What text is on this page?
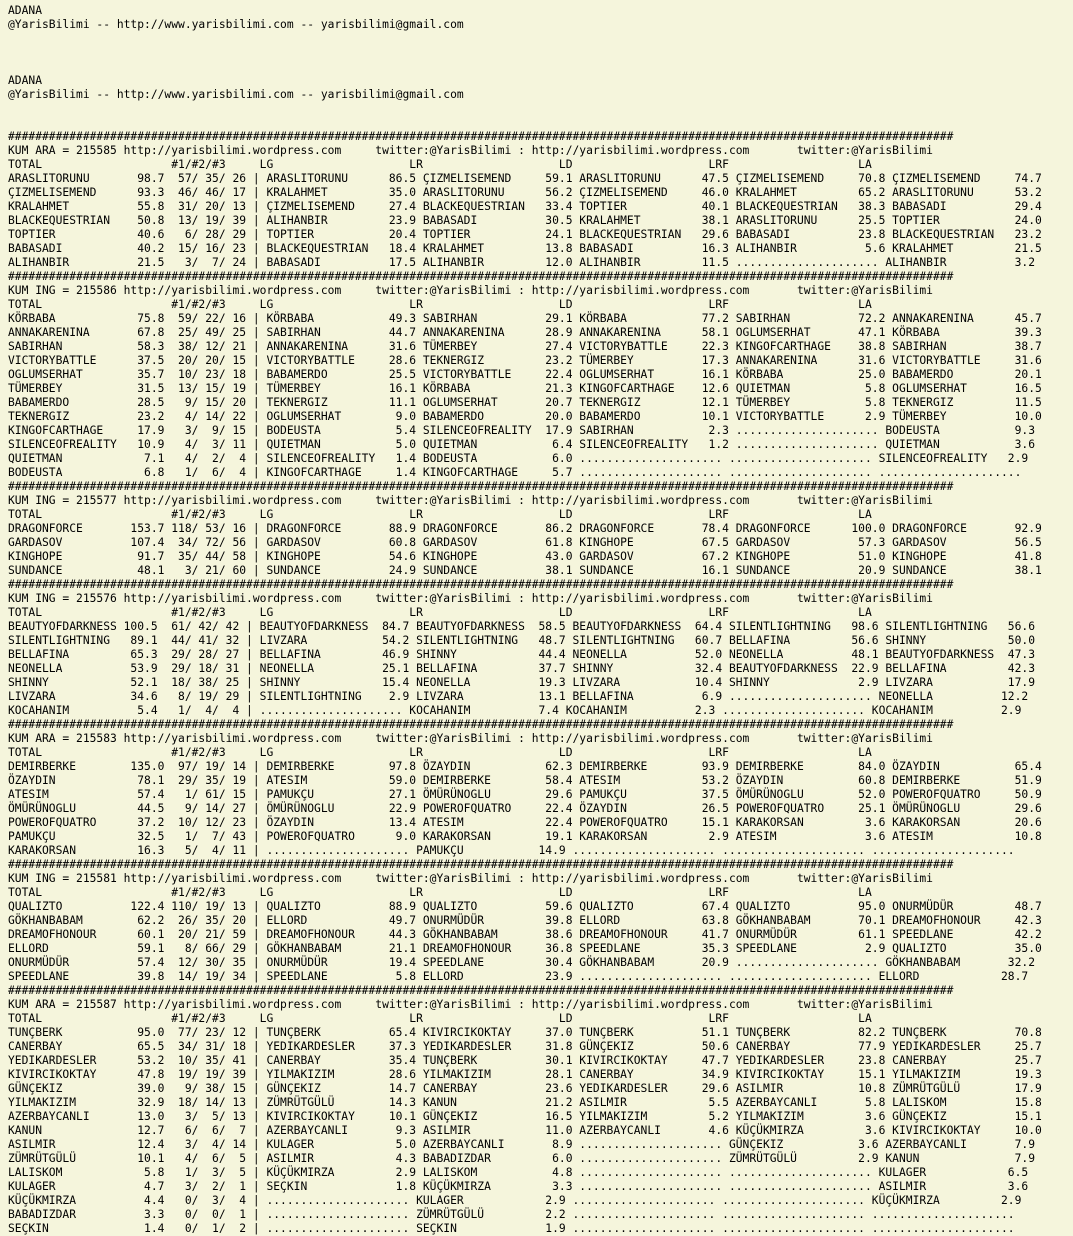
ADANA
@YarisBilimi -- http://www.yarisbilimi.com -- yarisbilimi@gmail.com
ADANA
@YarisBilimi -- http://www.yarisbilimi.com -- yarisbilimi@gmail.com
###########################################################################################################################################
KUM ARA = 215585 http://yarisbilimi.wordpress.com     twitter:@YarisBilimi : http://yarisbilimi.wordpress.com       twitter:@YarisBilimi
TOTAL                   #1/#2/#3     LG                    LR                    LD                    LRF                   LA
ARASLITORUNU       98.7  57/ 35/ 26 | ARASLITORUNU      86.5 ÇIZMELISEMEND     59.1 ARASLITORUNU      47.5 ÇIZMELISEMEND     70.8 ÇIZMELISEMEND     74.7
ÇIZMELISEMEND      93.3  46/ 46/ 17 | KRALAHMET         35.0 ARASLITORUNU      56.2 ÇIZMELISEMEND     46.0 KRALAHMET         65.2 ARASLITORUNU      53.2
KRALAHMET          55.8  31/ 20/ 13 | ÇIZMELISEMEND     27.4 BLACKEQUESTRIAN   33.4 TOPTIER           40.1 BLACKEQUESTRIAN   38.3 BABASADI          29.4
BLACKEQUESTRIAN    50.8  13/ 19/ 39 | ALIHANBIR         23.9 BABASADI          30.5 KRALAHMET         38.1 ARASLITORUNU      25.5 TOPTIER           24.0
TOPTIER            40.6   6/ 28/ 29 | TOPTIER           20.4 TOPTIER           24.1 BLACKEQUESTRIAN   29.6 BABASADI          23.8 BLACKEQUESTRIAN   23.2
BABASADI           40.2  15/ 16/ 23 | BLACKEQUESTRIAN   18.4 KRALAHMET         13.8 BABASADI          16.3 ALIHANBIR          5.6 KRALAHMET         21.5
ALIHANBIR          21.5   3/  7/ 24 | BABASADI          17.5 ALIHANBIR         12.0 ALIHANBIR         11.5 ..................... ALIHANBIR          3.2
###########################################################################################################################################
KUM ING = 215586 http://yarisbilimi.wordpress.com     twitter:@YarisBilimi : http://yarisbilimi.wordpress.com       twitter:@YarisBilimi
TOTAL                   #1/#2/#3     LG                    LR                    LD                    LRF                   LA
KÖRBABA            75.8  59/ 22/ 16 | KÖRBABA           49.3 SABIRHAN          29.1 KÖRBABA           77.2 SABIRHAN          72.2 ANNAKARENINA      45.7
ANNAKARENINA       67.8  25/ 49/ 25 | SABIRHAN          44.7 ANNAKARENINA      28.9 ANNAKARENINA      58.1 OGLUMSERHAT       47.1 KÖRBABA           39.3
SABIRHAN           58.3  38/ 12/ 21 | ANNAKARENINA      31.6 TÜMERBEY          27.4 VICTORYBATTLE     22.3 KINGOFCARTHAGE    38.8 SABIRHAN          38.7
VICTORYBATTLE      37.5  20/ 20/ 15 | VICTORYBATTLE     28.6 TEKNERGIZ         23.2 TÜMERBEY          17.3 ANNAKARENINA      31.6 VICTORYBATTLE     31.6
OGLUMSERHAT        35.7  10/ 23/ 18 | BABAMERDO         25.5 VICTORYBATTLE     22.4 OGLUMSERHAT       16.1 KÖRBABA           25.0 BABAMERDO         20.1
TÜMERBEY           31.5  13/ 15/ 19 | TÜMERBEY          16.1 KÖRBABA           21.3 KINGOFCARTHAGE    12.6 QUIETMAN           5.8 OGLUMSERHAT       16.5
BABAMERDO          28.5   9/ 15/ 20 | TEKNERGIZ         11.1 OGLUMSERHAT       20.7 TEKNERGIZ         12.1 TÜMERBEY           5.8 TEKNERGIZ         11.5
TEKNERGIZ          23.2   4/ 14/ 22 | OGLUMSERHAT        9.0 BABAMERDO         20.0 BABAMERDO         10.1 VICTORYBATTLE      2.9 TÜMERBEY          10.0
KINGOFCARTHAGE     17.9   3/  9/ 15 | BODEUSTA           5.4 SILENCEOFREALITY  17.9 SABIRHAN           2.3 ..................... BODEUSTA           9.3
SILENCEOFREALITY   10.9   4/  3/ 11 | QUIETMAN           5.0 QUIETMAN           6.4 SILENCEOFREALITY   1.2 ..................... QUIETMAN           3.6
QUIETMAN            7.1   4/  2/  4 | SILENCEOFREALITY   1.4 BODEUSTA           6.0 ..................... ..................... SILENCEOFREALITY   2.9
BODEUSTA            6.8   1/  6/  4 | KINGOFCARTHAGE     1.4 KINGOFCARTHAGE     5.7 ..................... ..................... .....................
###########################################################################################################################################
KUM ING = 215577 http://yarisbilimi.wordpress.com     twitter:@YarisBilimi : http://yarisbilimi.wordpress.com       twitter:@YarisBilimi
TOTAL                   #1/#2/#3     LG                    LR                    LD                    LRF                   LA
DRAGONFORCE       153.7 118/ 53/ 16 | DRAGONFORCE       88.9 DRAGONFORCE       86.2 DRAGONFORCE       78.4 DRAGONFORCE      100.0 DRAGONFORCE       92.9
GARDASOV          107.4  34/ 72/ 56 | GARDASOV          60.8 GARDASOV          61.8 KINGHOPE          67.5 GARDASOV          57.3 GARDASOV          56.5
KINGHOPE           91.7  35/ 44/ 58 | KINGHOPE          54.6 KINGHOPE          43.0 GARDASOV          67.2 KINGHOPE          51.0 KINGHOPE          41.8
SUNDANCE           48.1   3/ 21/ 60 | SUNDANCE          24.9 SUNDANCE          38.1 SUNDANCE          16.1 SUNDANCE          20.9 SUNDANCE          38.1
###########################################################################################################################################
KUM ING = 215576 http://yarisbilimi.wordpress.com     twitter:@YarisBilimi : http://yarisbilimi.wordpress.com       twitter:@YarisBilimi
TOTAL                   #1/#2/#3     LG                    LR                    LD                    LRF                   LA
BEAUTYOFDARKNESS 100.5  61/ 42/ 42 | BEAUTYOFDARKNESS  84.7 BEAUTYOFDARKNESS  58.5 BEAUTYOFDARKNESS  64.4 SILENTLIGHTNING   98.6 SILENTLIGHTNING   56.6
SILENTLIGHTNING   89.1  44/ 41/ 32 | LIVZARA           54.2 SILENTLIGHTNING   48.7 SILENTLIGHTNING   60.7 BELLAFINA         56.6 SHINNY            50.0
BELLAFINA         65.3  29/ 28/ 27 | BELLAFINA         46.9 SHINNY            44.4 NEONELLA          52.0 NEONELLA          48.1 BEAUTYOFDARKNESS  47.3
NEONELLA          53.9  29/ 18/ 31 | NEONELLA          25.1 BELLAFINA         37.7 SHINNY            32.4 BEAUTYOFDARKNESS  22.9 BELLAFINA         42.3
SHINNY            52.1  18/ 38/ 25 | SHINNY            15.4 NEONELLA          19.3 LIVZARA           10.4 SHINNY             2.9 LIVZARA           17.9
LIVZARA           34.6   8/ 19/ 29 | SILENTLIGHTNING    2.9 LIVZARA           13.1 BELLAFINA          6.9 ..................... NEONELLA          12.2
KOCAHANIM          5.4   1/  4/  4 | ..................... KOCAHANIM          7.4 KOCAHANIM          2.3 ..................... KOCAHANIM          2.9
###########################################################################################################################################
KUM ARA = 215583 http://yarisbilimi.wordpress.com     twitter:@YarisBilimi : http://yarisbilimi.wordpress.com       twitter:@YarisBilimi
TOTAL                   #1/#2/#3     LG                    LR                    LD                    LRF                   LA
DEMIRBERKE        135.0  97/ 19/ 14 | DEMIRBERKE        97.8 ÖZAYDIN           62.3 DEMIRBERKE        93.9 DEMIRBERKE        84.0 ÖZAYDIN           65.4
ÖZAYDIN            78.1  29/ 35/ 19 | ATESIM            59.0 DEMIRBERKE        58.4 ATESIM            53.2 ÖZAYDIN           60.8 DEMIRBERKE        51.9
ATESIM             57.4   1/ 61/ 15 | PAMUKÇU           27.1 ÖMÜRÜNOGLU        29.6 PAMUKÇU           37.5 ÖMÜRÜNOGLU        52.0 POWEROFQUATRO     50.9
ÖMÜRÜNOGLU         44.5   9/ 14/ 27 | ÖMÜRÜNOGLU        22.9 POWEROFQUATRO     22.4 ÖZAYDIN           26.5 POWEROFQUATRO     25.1 ÖMÜRÜNOGLU        29.6
POWEROFQUATRO      37.2  10/ 12/ 23 | ÖZAYDIN           13.4 ATESIM            22.4 POWEROFQUATRO     15.1 KARAKORSAN         3.6 KARAKORSAN        20.6
PAMUKÇU            32.5   1/  7/ 43 | POWEROFQUATRO      9.0 KARAKORSAN        19.1 KARAKORSAN         2.9 ATESIM             3.6 ATESIM            10.8
KARAKORSAN         16.3   5/  4/ 11 | ..................... PAMUKÇU           14.9 ..................... ..................... .....................
###########################################################################################################################################
KUM ING = 215581 http://yarisbilimi.wordpress.com     twitter:@YarisBilimi : http://yarisbilimi.wordpress.com       twitter:@YarisBilimi
TOTAL                   #1/#2/#3     LG                    LR                    LD                    LRF                   LA
QUALIZTO          122.4 110/ 19/ 13 | QUALIZTO          88.9 QUALIZTO          59.6 QUALIZTO          67.4 QUALIZTO          95.0 ONURMÜDÜR         48.7
GÖKHANBABAM        62.2  26/ 35/ 20 | ELLORD            49.7 ONURMÜDÜR         39.8 ELLORD            63.8 GÖKHANBABAM       70.1 DREAMOFHONOUR     42.3
DREAMOFHONOUR      60.1  20/ 21/ 59 | DREAMOFHONOUR     44.3 GÖKHANBABAM       38.6 DREAMOFHONOUR     41.7 ONURMÜDÜR         61.1 SPEEDLANE         42.2
ELLORD             59.1   8/ 66/ 29 | GÖKHANBABAM       21.1 DREAMOFHONOUR     36.8 SPEEDLANE         35.3 SPEEDLANE          2.9 QUALIZTO          35.0
ONURMÜDÜR          57.4  12/ 30/ 35 | ONURMÜDÜR         19.4 SPEEDLANE         30.4 GÖKHANBABAM       20.9 ..................... GÖKHANBABAM       32.2
SPEEDLANE          39.8  14/ 19/ 34 | SPEEDLANE          5.8 ELLORD            23.9 ..................... ..................... ELLORD            28.7
###########################################################################################################################################
KUM ARA = 215587 http://yarisbilimi.wordpress.com     twitter:@YarisBilimi : http://yarisbilimi.wordpress.com       twitter:@YarisBilimi
TOTAL                   #1/#2/#3     LG                    LR                    LD                    LRF                   LA
TUNÇBERK           95.0  77/ 23/ 12 | TUNÇBERK          65.4 KIVIRCIKOKTAY     37.0 TUNÇBERK          51.1 TUNÇBERK          82.2 TUNÇBERK          70.8
CANERBAY           65.5  34/ 31/ 18 | YEDIKARDESLER     37.3 YEDIKARDESLER     31.8 GÜNÇEKIZ          50.6 CANERBAY          77.9 YEDIKARDESLER     25.7
YEDIKARDESLER      53.2  10/ 35/ 41 | CANERBAY          35.4 TUNÇBERK          30.1 KIVIRCIKOKTAY     47.7 YEDIKARDESLER     23.8 CANERBAY          25.7
KIVIRCIKOKTAY      47.8  19/ 19/ 39 | YILMAKIZIM        28.6 YILMAKIZIM        28.1 CANERBAY          34.9 KIVIRCIKOKTAY     15.1 YILMAKIZIM        19.3
GÜNÇEKIZ           39.0   9/ 38/ 15 | GÜNÇEKIZ          14.7 CANERBAY          23.6 YEDIKARDESLER     29.6 ASILMIR           10.8 ZÜMRÜTGÜLÜ        17.9
YILMAKIZIM         32.9  18/ 14/ 13 | ZÜMRÜTGÜLÜ        14.3 KANUN             21.2 ASILMIR            5.5 AZERBAYCANLI       5.8 LALISKOM          15.8
AZERBAYCANLI       13.0   3/  5/ 13 | KIVIRCIKOKTAY     10.1 GÜNÇEKIZ          16.5 YILMAKIZIM         5.2 YILMAKIZIM         3.6 GÜNÇEKIZ          15.1
KANUN              12.7   6/  6/  7 | AZERBAYCANLI       9.3 ASILMIR           11.0 AZERBAYCANLI       4.6 KÜÇÜKMIRZA         3.6 KIVIRCIKOKTAY     10.0
ASILMIR            12.4   3/  4/ 14 | KULAGER            5.0 AZERBAYCANLI       8.9 ..................... GÜNÇEKIZ           3.6 AZERBAYCANLI       7.9
ZÜMRÜTGÜLÜ         10.1   4/  6/  5 | ASILMIR            4.3 BABADIZDAR         6.0 ..................... ZÜMRÜTGÜLÜ         2.9 KANUN              7.9
LALISKOM            5.8   1/  3/  5 | KÜÇÜKMIRZA         2.9 LALISKOM           4.8 ..................... ..................... KULAGER            6.5
KULAGER             4.7   3/  2/  1 | SEÇKIN             1.8 KÜÇÜKMIRZA         3.3 ..................... ..................... ASILMIR            3.6
KÜÇÜKMIRZA          4.4   0/  3/  4 | ..................... KULAGER            2.9 ..................... ..................... KÜÇÜKMIRZA         2.9
BABADIZDAR          3.3   0/  0/  1 | ..................... ZÜMRÜTGÜLÜ         2.2 ..................... ..................... .....................
SEÇKIN              1.4   0/  1/  2 | ..................... SEÇKIN             1.9 ..................... ..................... .....................
